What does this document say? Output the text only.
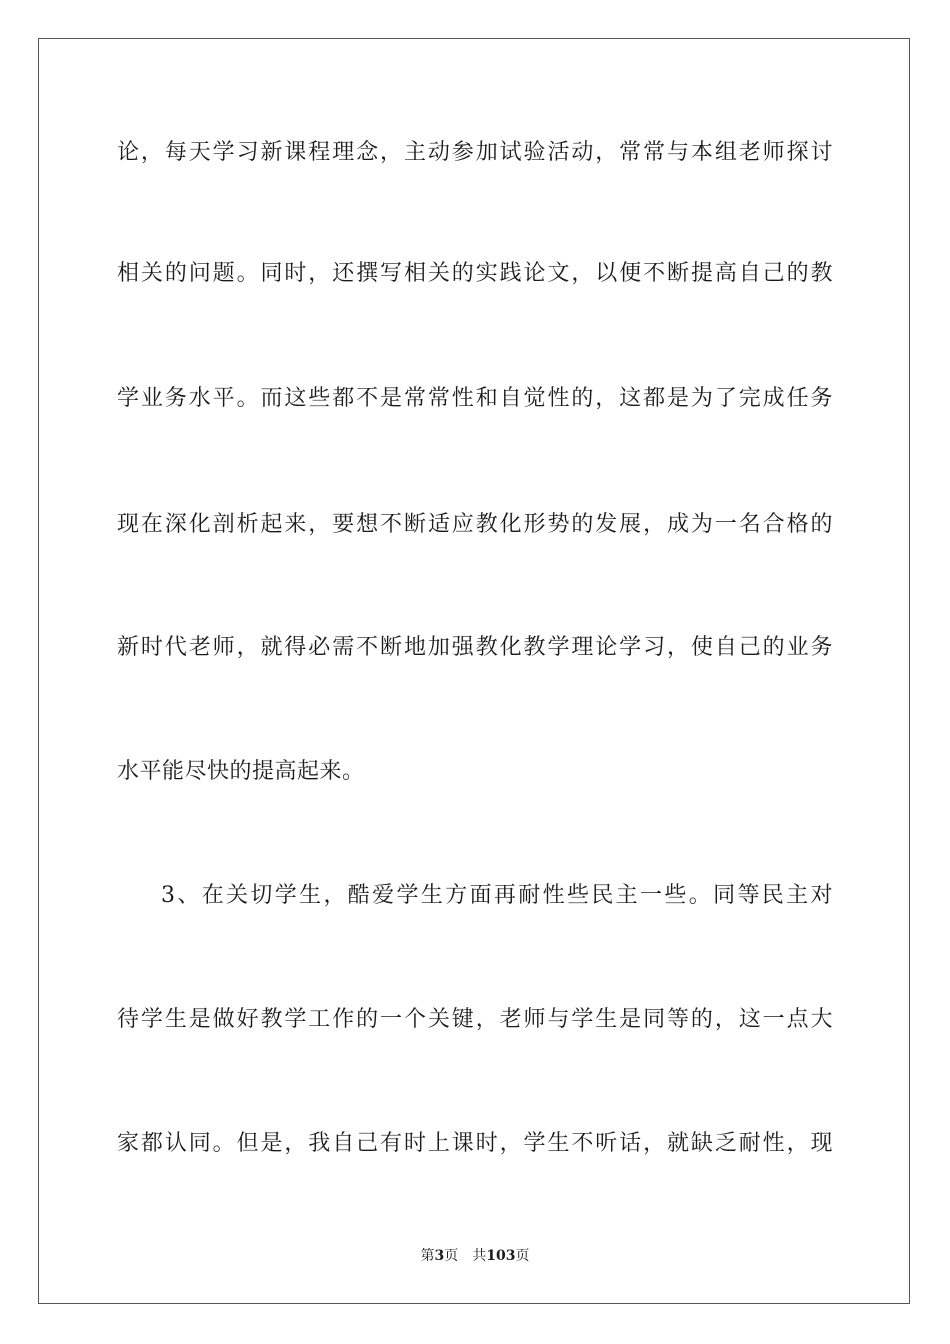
论，每天学习新课程理念，主动参加试验活动，常常与本组老师探讨
相关的问题。同时，还撰写相关的实践论文，以便不断提高自己的教
学业务水平。而这些都不是常常性和自觉性的，这都是为了完成任务
现在深化剖析起来，要想不断适应教化形势的发展，成为一名合格的
新时代老师，就得必需不断地加强教化教学理论学习，使自己的业务
水平能尽快的提高起来。
3、在关切学生，酷爱学生方面再耐性些民主一些。同等民主对
待学生是做好教学工作的一个关键，老师与学生是同等的，这一点大
家都认同。但是，我自己有时上课时，学生不听话，就缺乏耐性，现
第3页 共103页
